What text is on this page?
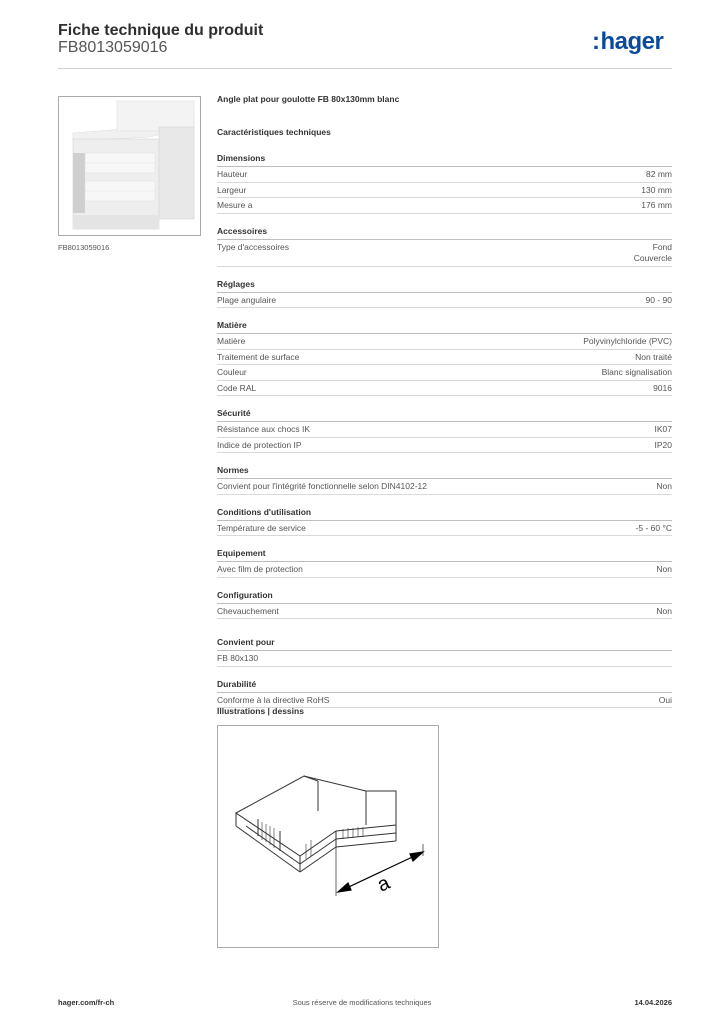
Fiche technique du produit
FB8013059016	:hager
FB8013059016
Angle plat pour goulotte FB 80x130mm blanc
Caractéristiques techniques
Dimensions
Hauteur	82 mm
Largeur	130 mm
Mesure a	176 mm
Accessoires
Type d'accessoires	Fond
Couvercle
Réglages
Plage angulaire	90 - 90
Matière
Matière	Polyvinylchloride (PVC)
Traitement de surface	Non traité
Couleur	Blanc signalisation
Code RAL	9016
Sécurité
Résistance aux chocs IK	IK07
Indice de protection IP	IP20
Normes
Convient pour l'intégrité fonctionnelle selon DIN4102-12	Non
Conditions d'utilisation
Température de service	-5 - 60 °C
Equipement
Avec film de protection	Non
Configuration
Chevauchement	Non
Convient pour
FB 80x130
Durabilité
Conforme à la directive RoHS	Oui
Illustrations | dessins
a
hager.com/fr-ch	Sous réserve de modifications techniques	14.04.2026
